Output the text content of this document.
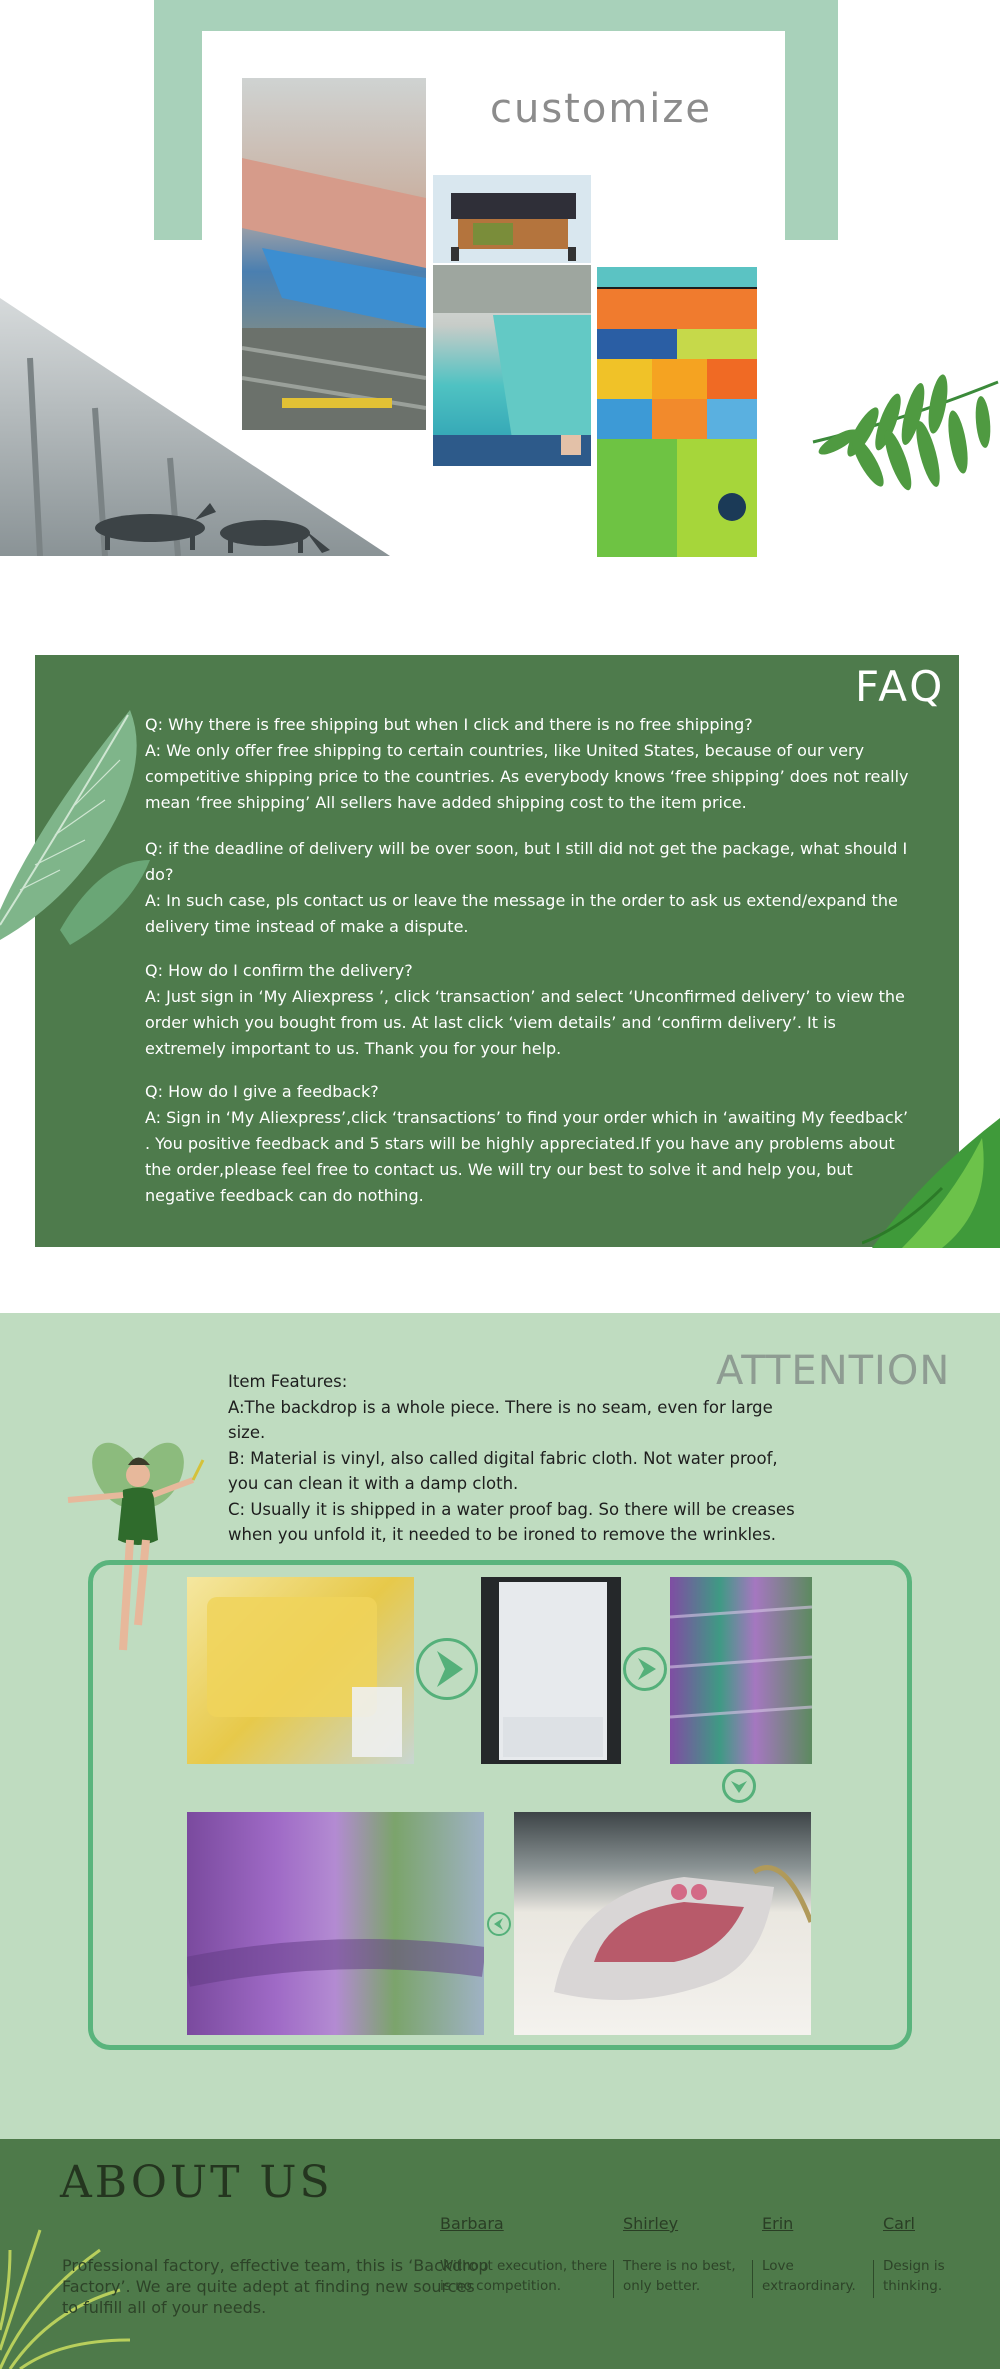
customize
FAQ

Q: Why there is free shipping but when I click and there is no free shipping?

A: We only offer free shipping to certain countries, like United States, because of our very competitive shipping price to the countries. As everybody knows ‘free shipping’ does not really mean ‘free shipping’ All sellers have added shipping cost to the item price.

Q: if the deadline of delivery will be over soon, but I still did not get the package, what should I do?

A: In such case, pls contact us or leave the message in the order to ask us extend/expand the delivery time instead of make a dispute.

Q: How do I confirm the delivery?

A: Just sign in ‘My Aliexpress ’, click ‘transaction’ and select ‘Unconfirmed delivery’ to view the order which you bought from us. At last click ‘viem details’ and ‘confirm delivery’. It is extremely important to us. Thank you for your help.

Q: How do I give a feedback?

A: Sign in ‘My Aliexpress’,click ‘transactions’ to find your order which in ‘awaiting My feedback’ . You positive feedback and 5 stars will be highly appreciated.If you have any problems about the order,please feel free to contact us. We will try our best to solve it and help you, but negative feedback can do nothing.

ATTENTION

Item Features:

A:The backdrop is a whole piece. There is no seam, even for large size.

B: Material is vinyl, also called digital fabric cloth. Not water proof, you can clean it with a damp cloth.

C: Usually it is shipped in a water proof bag. So there will be creases when you unfold it, it needed to be ironed to remove the wrinkles.

ABOUT US
Professional factory, effective team, this is ‘Backdrop Factory’. We are quite adept at finding new sources to fulfill all of your needs.
Barbara
Without execution, there is no competition.
Shirley
There is no best, only better.
Erin
Love extraordinary.
Carl
Design is thinking.
